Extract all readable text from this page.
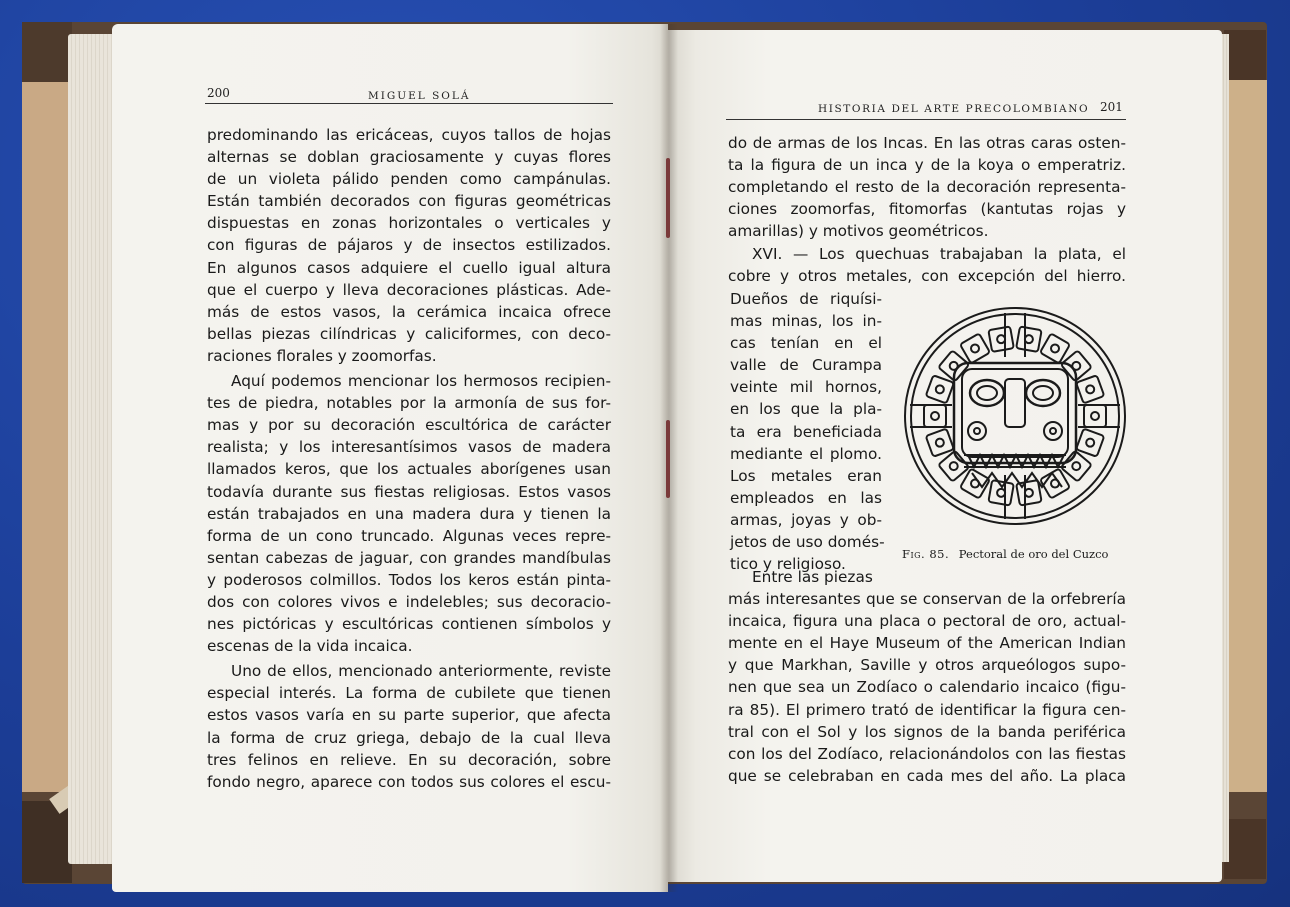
200	MIGUEL SOLÁ
predominando las ericáceas, cuyos tallos de hojas
alternas se doblan graciosamente y cuyas flores
de un violeta pálido penden como campánulas.
Están también decorados con figuras geométricas
dispuestas en zonas horizontales o verticales y
con figuras de pájaros y de insectos estilizados.
En algunos casos adquiere el cuello igual altura
que el cuerpo y lleva decoraciones plásticas. Ade-
más de estos vasos, la cerámica incaica ofrece
bellas piezas cilíndricas y caliciformes, con deco-
raciones florales y zoomorfas.
Aquí podemos mencionar los hermosos recipien-
tes de piedra, notables por la armonía de sus for-
mas y por su decoración escultórica de carácter
realista; y los interesantísimos vasos de madera
llamados keros, que los actuales aborígenes usan
todavía durante sus fiestas religiosas. Estos vasos
están trabajados en una madera dura y tienen la
forma de un cono truncado. Algunas veces repre-
sentan cabezas de jaguar, con grandes mandíbulas
y poderosos colmillos. Todos los keros están pinta-
dos con colores vivos e indelebles; sus decoracio-
nes pictóricas y escultóricas contienen símbolos y
escenas de la vida incaica.
Uno de ellos, mencionado anteriormente, reviste
especial interés. La forma de cubilete que tienen
estos vasos varía en su parte superior, que afecta
la forma de cruz griega, debajo de la cual lleva
tres felinos en relieve. En su decoración, sobre
fondo negro, aparece con todos sus colores el escu-
HISTORIA DEL ARTE PRECOLOMBIANO 201
do de armas de los Incas. En las otras caras osten-
ta la figura de un inca y de la koya o emperatriz.
completando el resto de la decoración representa-
ciones zoomorfas, fitomorfas (kantutas rojas y
amarillas) y motivos geométricos.
XVI. — Los quechuas trabajaban la plata, el
cobre y otros metales, con excepción del hierro.
Dueños de riquísi-
mas minas, los in-
cas tenían en el
valle de Curampa
veinte mil hornos,
en los que la pla-
ta era beneficiada
mediante el plomo.
Los metales eran
empleados en las
armas, joyas y ob-
jetos de uso domés-
tico y religioso.
Fig. 85. Pectoral de oro del Cuzco
Entre las piezas
más interesantes que se conservan de la orfebrería
incaica, figura una placa o pectoral de oro, actual-
mente en el Haye Museum of the American Indian
y que Markhan, Saville y otros arqueólogos supo-
nen que sea un Zodíaco o calendario incaico (figu-
ra 85). El primero trató de identificar la figura cen-
tral con el Sol y los signos de la banda periférica
con los del Zodíaco, relacionándolos con las fiestas
que se celebraban en cada mes del año. La placa
